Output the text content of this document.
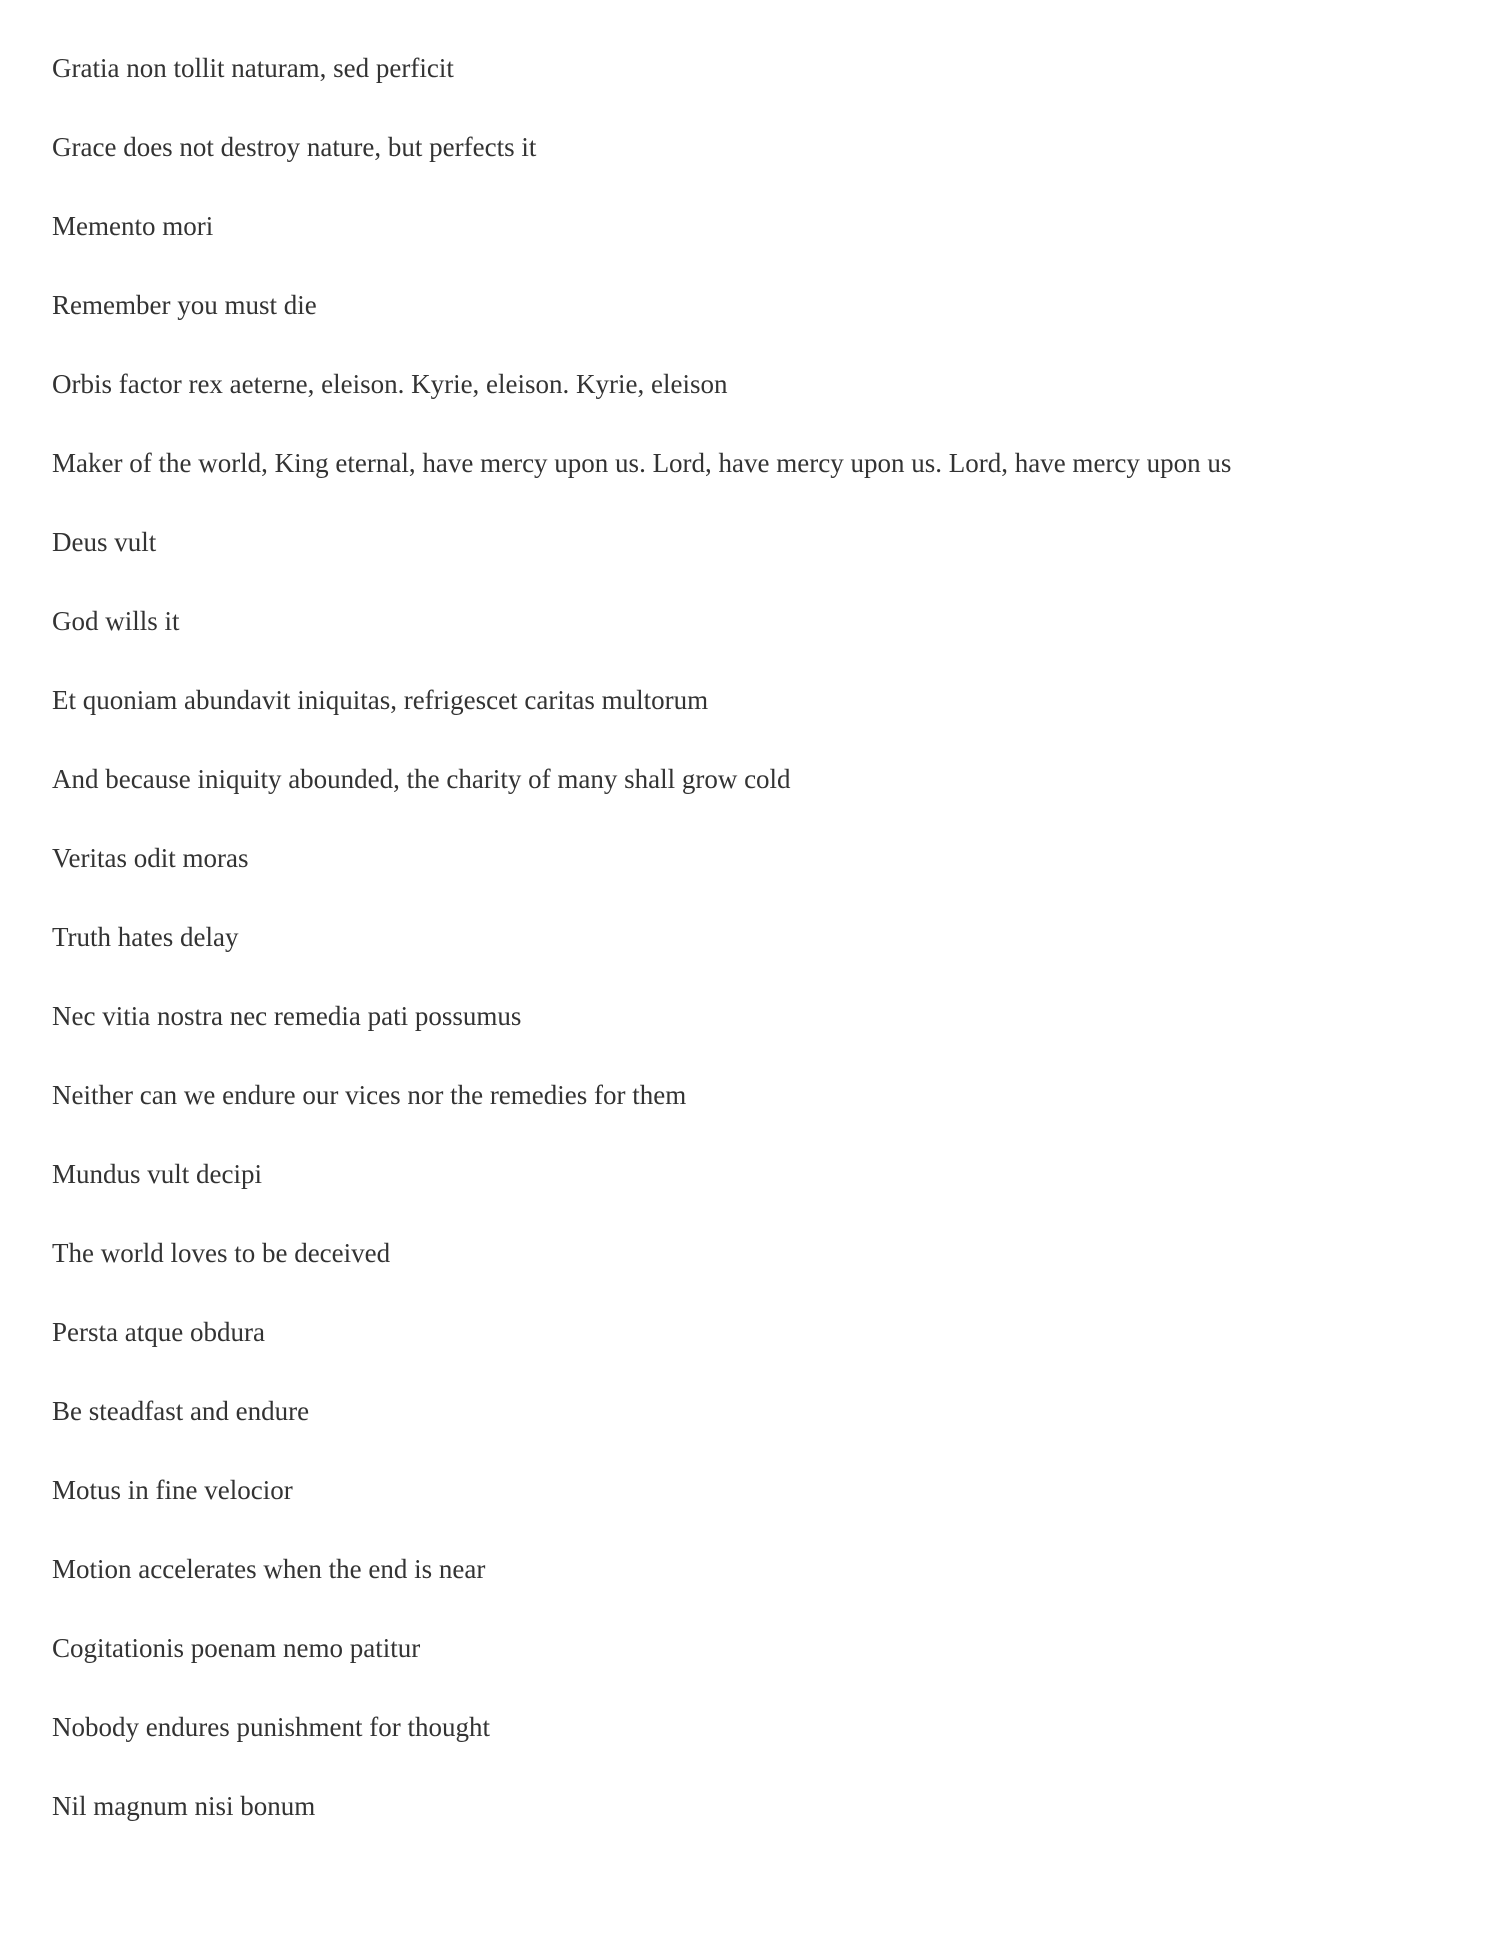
Gratia non tollit naturam, sed perficit
Grace does not destroy nature, but perfects it
Memento mori
Remember you must die
Orbis factor rex aeterne, eleison. Kyrie, eleison. Kyrie, eleison
Maker of the world, King eternal, have mercy upon us. Lord, have mercy upon us. Lord, have mercy upon us
Deus vult
God wills it
Et quoniam abundavit iniquitas, refrigescet caritas multorum
And because iniquity abounded, the charity of many shall grow cold
Veritas odit moras
Truth hates delay
Nec vitia nostra nec remedia pati possumus
Neither can we endure our vices nor the remedies for them
Mundus vult decipi
The world loves to be deceived
Persta atque obdura
Be steadfast and endure
Motus in fine velocior
Motion accelerates when the end is near
Cogitationis poenam nemo patitur
Nobody endures punishment for thought
Nil magnum nisi bonum
